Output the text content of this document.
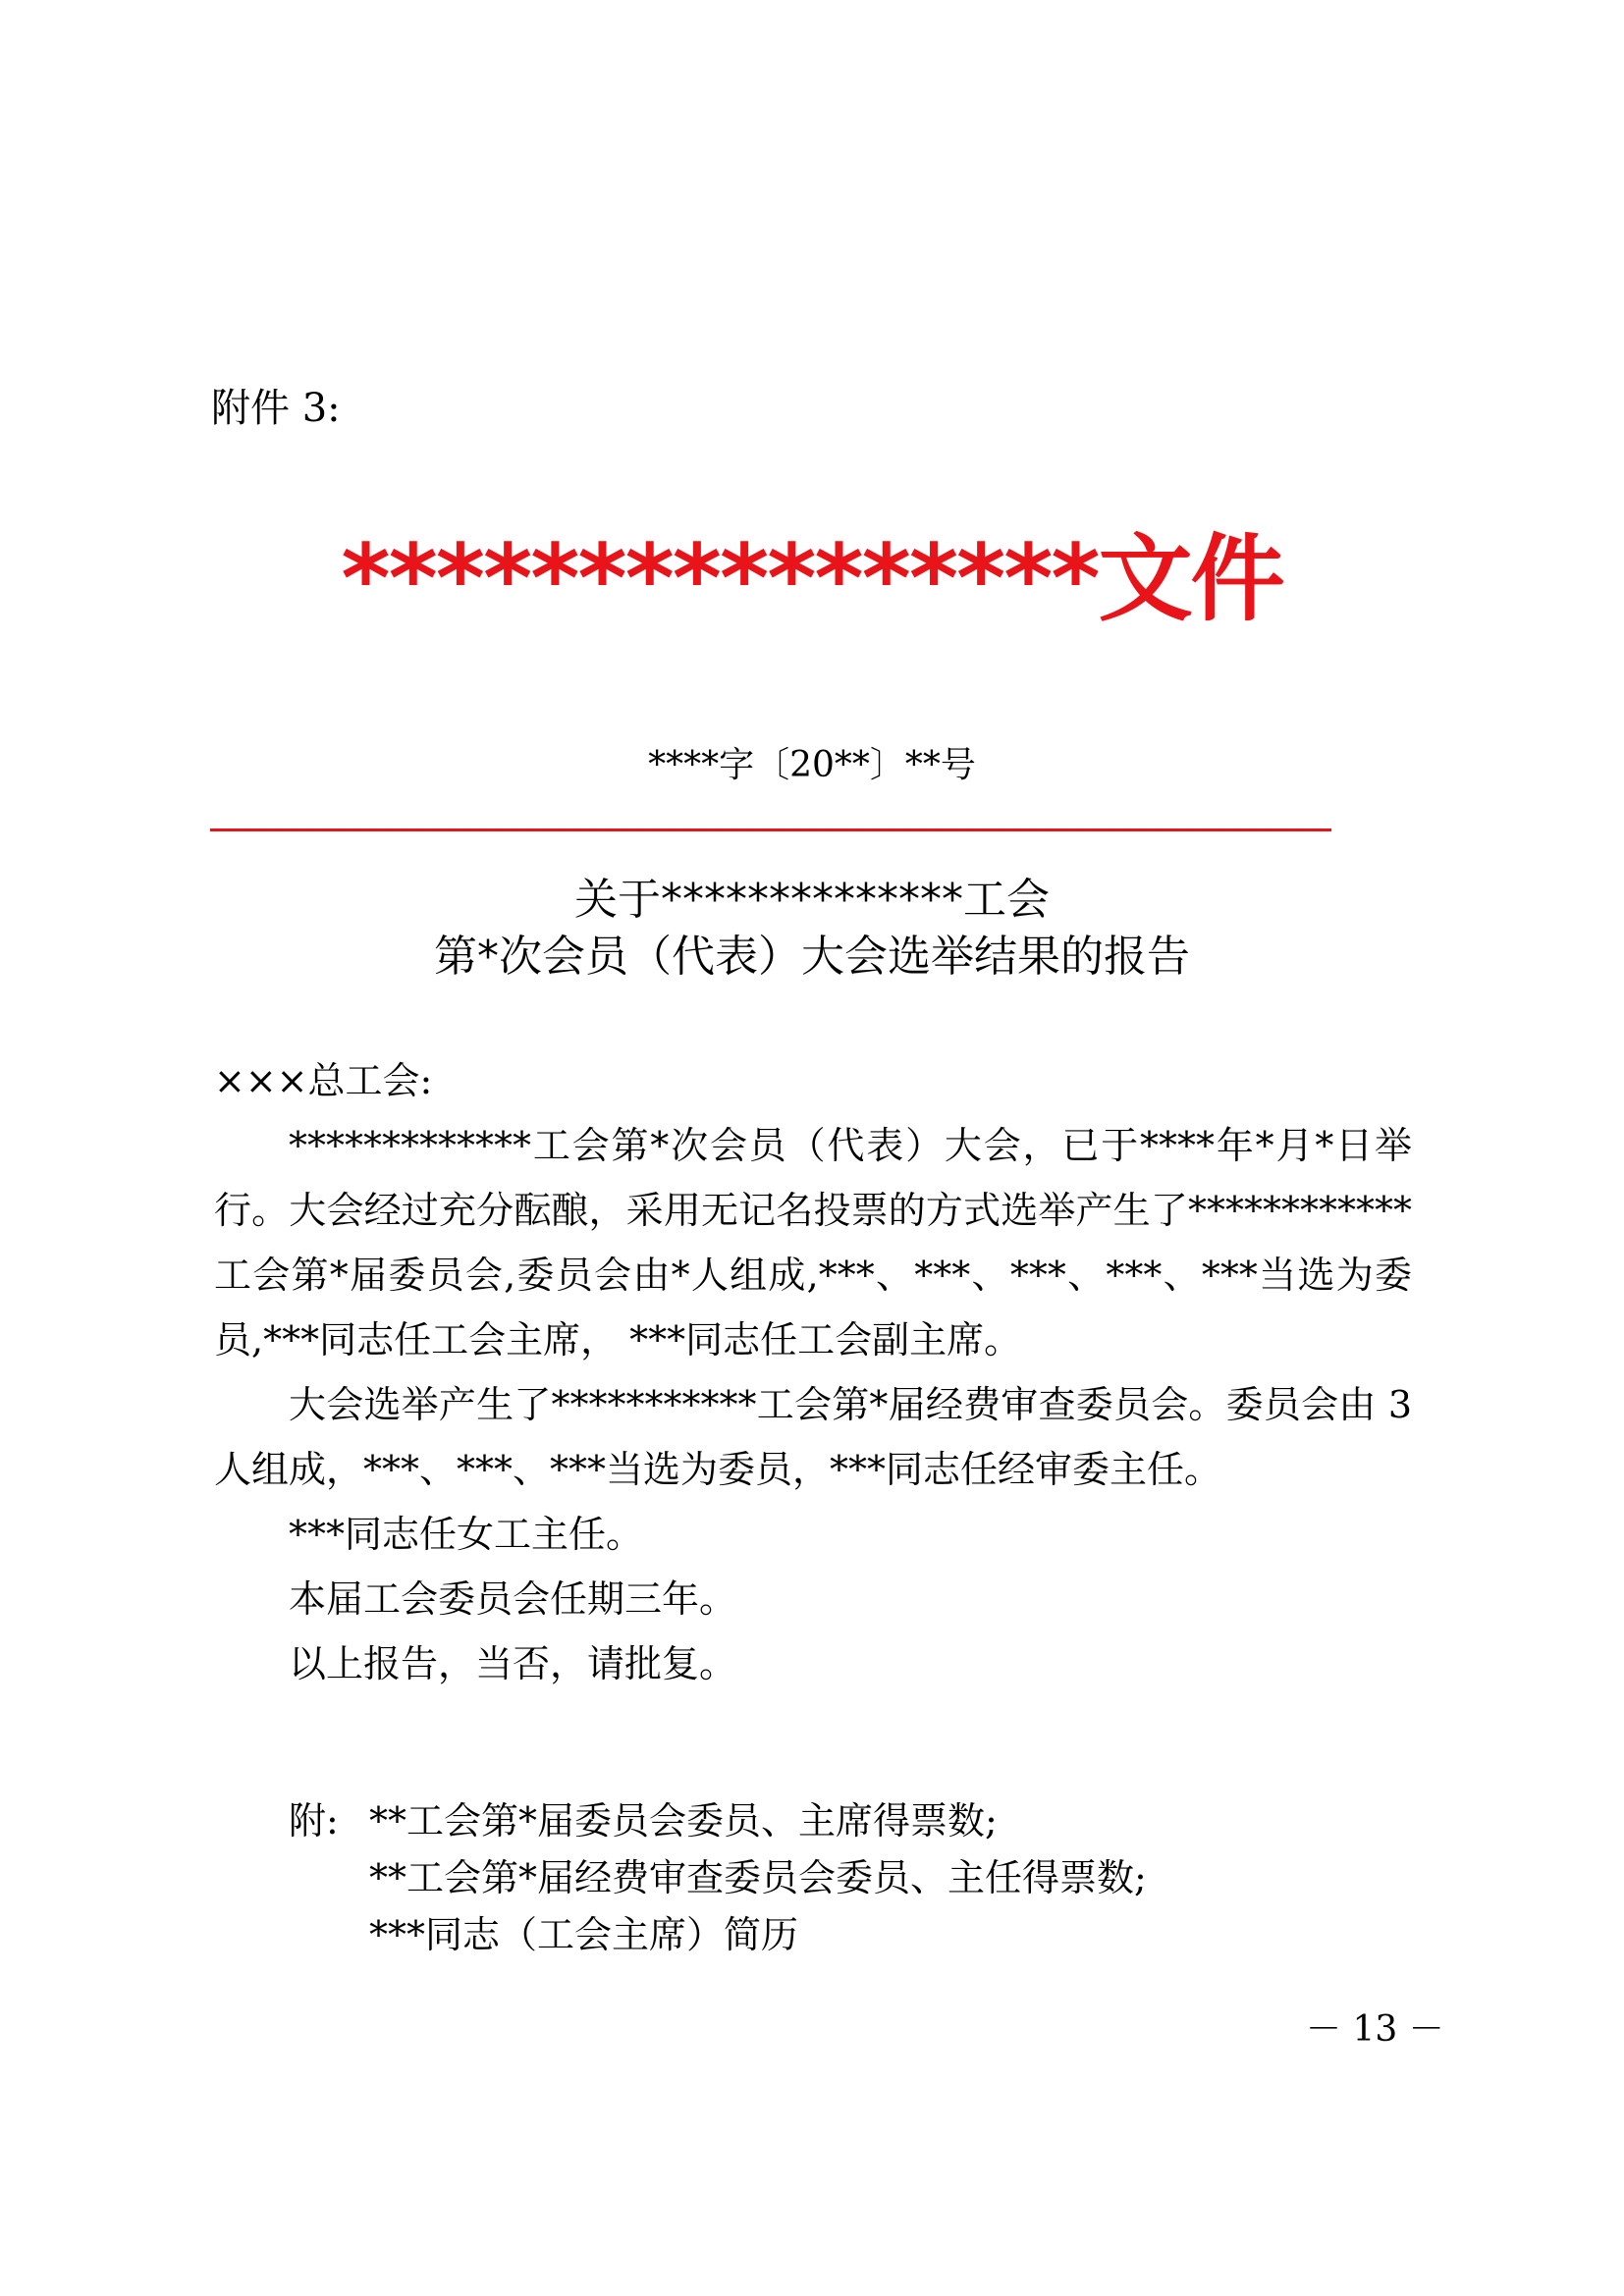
附件 3:
****************文件
****字〔20**〕**号
关于**************工会
第*次会员（代表）大会选举结果的报告

×××总工会:

*************工会第*次会员（代表）大会，已于****年*月*日举行。大会经过充分酝酿，采用无记名投票的方式选举产生了************工会第*届委员会,委员会由*人组成,***、***、***、***、***当选为委员,***同志任工会主席， ***同志任工会副主席。

大会选举产生了***********工会第*届经费审查委员会。委员会由 3 人组成，***、***、***当选为委员，***同志任经审委主任。

***同志任女工主任。

本届工会委员会任期三年。

以上报告，当否，请批复。

附: **工会第*届委员会委员、主席得票数;
**工会第*届经费审查委员会委员、主任得票数;
***同志（工会主席）简历
－ 13 －
